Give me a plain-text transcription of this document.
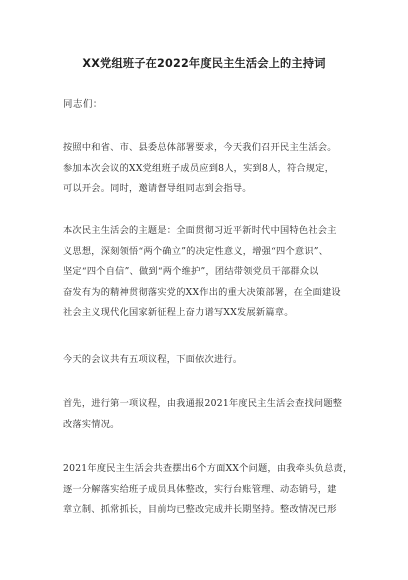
XX党组班子在2022年度民主生活会上的主持词
同志们：
按照中和省、市、县委总体部署要求，今天我们召开民主生活会。
参加本次会议的XX党组班子成员应到8人，实到8人，符合规定，
可以开会。同时，邀请督导组同志到会指导。
本次民主生活会的主题是：全面贯彻习近平新时代中国特色社会主
义思想，深刻领悟“两个确立”的决定性意义，增强“四个意识”、
坚定“四个自信”、做到“两个维护”，团结带领党员干部群众以
奋发有为的精神贯彻落实党的XX作出的重大决策部署，在全面建设
社会主义现代化国家新征程上奋力谱写XX发展新篇章。
今天的会议共有五项议程，下面依次进行。
首先，进行第一项议程，由我通报2021年度民主生活会查找问题整
改落实情况。
2021年度民主生活会共查摆出6个方面XX个问题，由我牵头负总责，
逐一分解落实给班子成员具体整改，实行台账管理、动态销号，建
章立制、抓常抓长，目前均已整改完成并长期坚持。整改情况已形
